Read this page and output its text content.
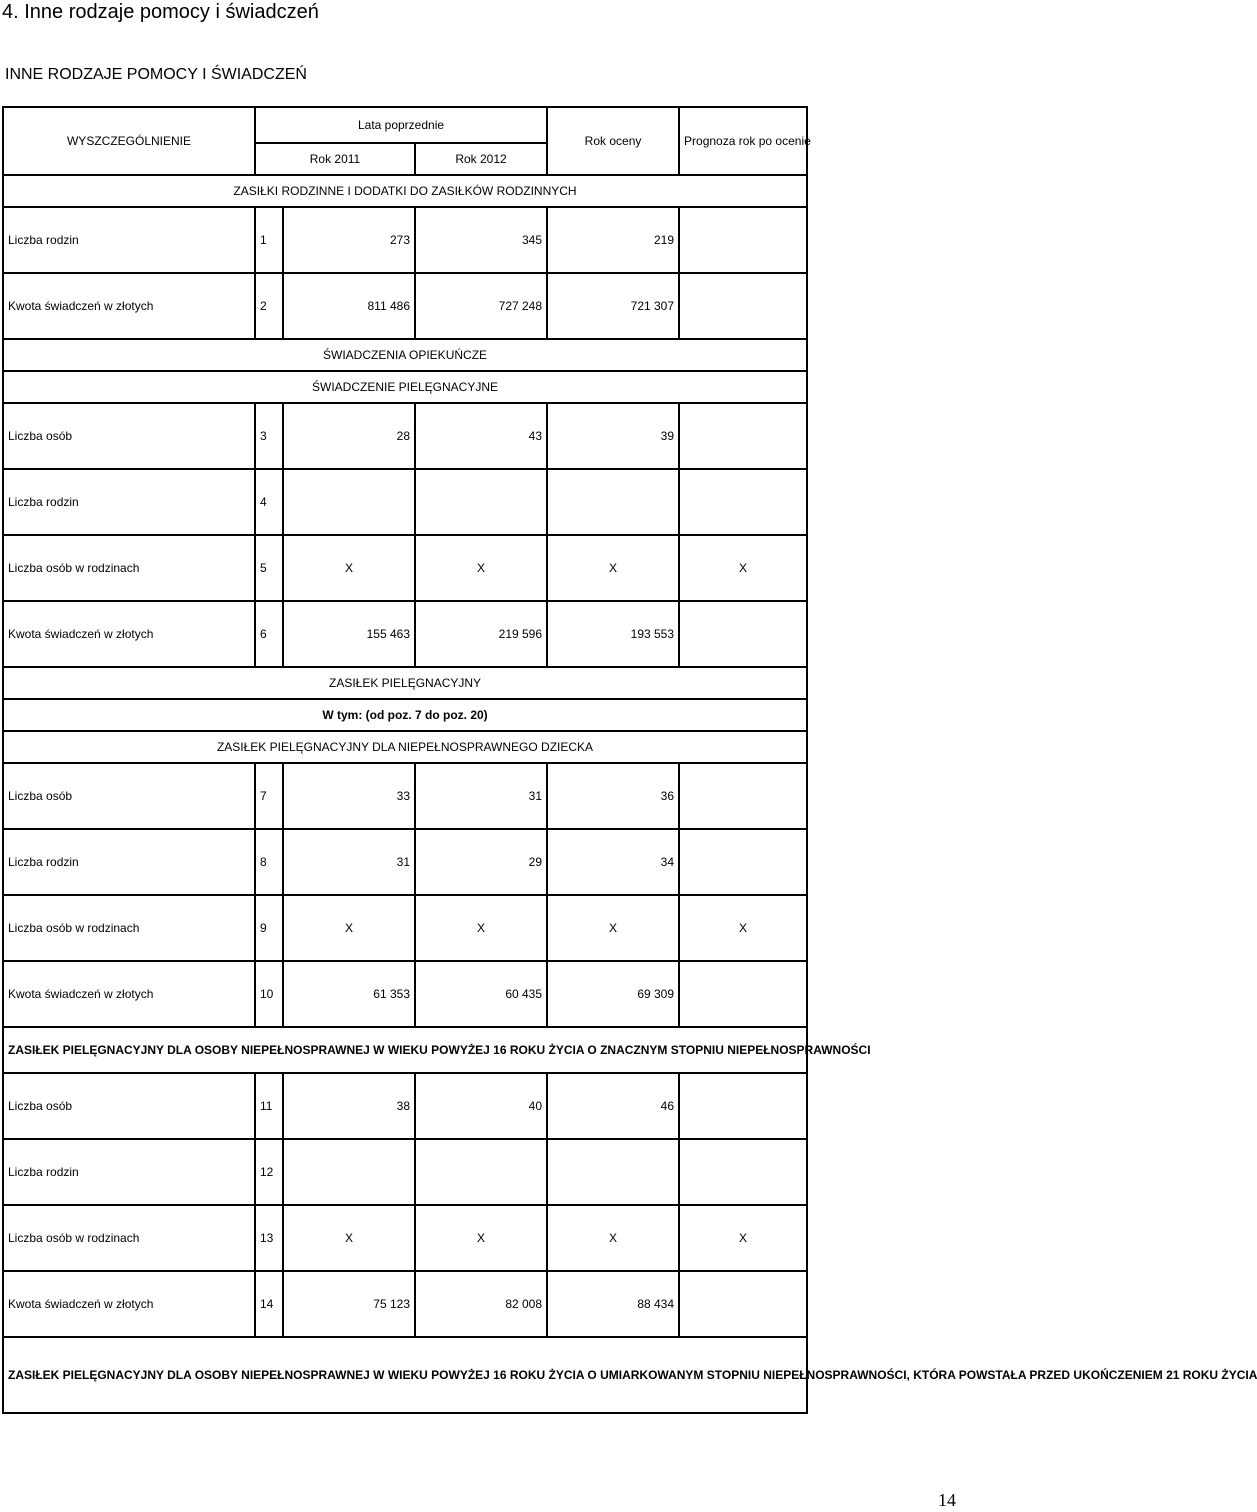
4. Inne rodzaje pomocy i świadczeń
INNE RODZAJE POMOCY I ŚWIADCZEŃ
WYSZCZEGÓLNIENIE	Lata poprzednie			Rok oceny	Prognoza rok po ocenie
	Rok 2011		Rok 2012		
ZASIŁKI RODZINNE I DODATKI DO ZASIŁKÓW RODZINNYCH					
Liczba rodzin	1	273	345	219	
Kwota świadczeń w złotych	2	811 486	727 248	721 307	
ŚWIADCZENIA OPIEKUŃCZE					
ŚWIADCZENIE PIELĘGNACYJNE					
Liczba osób	3	28	43	39	
Liczba rodzin	4				
Liczba osób w rodzinach	5	X	X	X	X
Kwota świadczeń w złotych	6	155 463	219 596	193 553	
ZASIŁEK PIELĘGNACYJNY					
W tym: (od poz. 7 do poz. 20)					
ZASIŁEK PIELĘGNACYJNY DLA NIEPEŁNOSPRAWNEGO DZIECKA					
Liczba osób	7	33	31	36	
Liczba rodzin	8	31	29	34	
Liczba osób w rodzinach	9	X	X	X	X
Kwota świadczeń w złotych	10	61 353	60 435	69 309	
ZASIŁEK PIELĘGNACYJNY DLA OSOBY NIEPEŁNOSPRAWNEJ W WIEKU POWYŻEJ 16 ROKU ŻYCIA O ZNACZNYM STOPNIU NIEPEŁNOSPRAWNOŚCI					
Liczba osób	11	38	40	46	
Liczba rodzin	12				
Liczba osób w rodzinach	13	X	X	X	X
Kwota świadczeń w złotych	14	75 123	82 008	88 434	
ZASIŁEK PIELĘGNACYJNY DLA OSOBY NIEPEŁNOSPRAWNEJ W WIEKU POWYŻEJ 16 ROKU ŻYCIA O UMIARKOWANYM STOPNIU NIEPEŁNOSPRAWNOŚCI, KTÓRA POWSTAŁA PRZED UKOŃCZENIEM 21 ROKU ŻYCIA					
14
